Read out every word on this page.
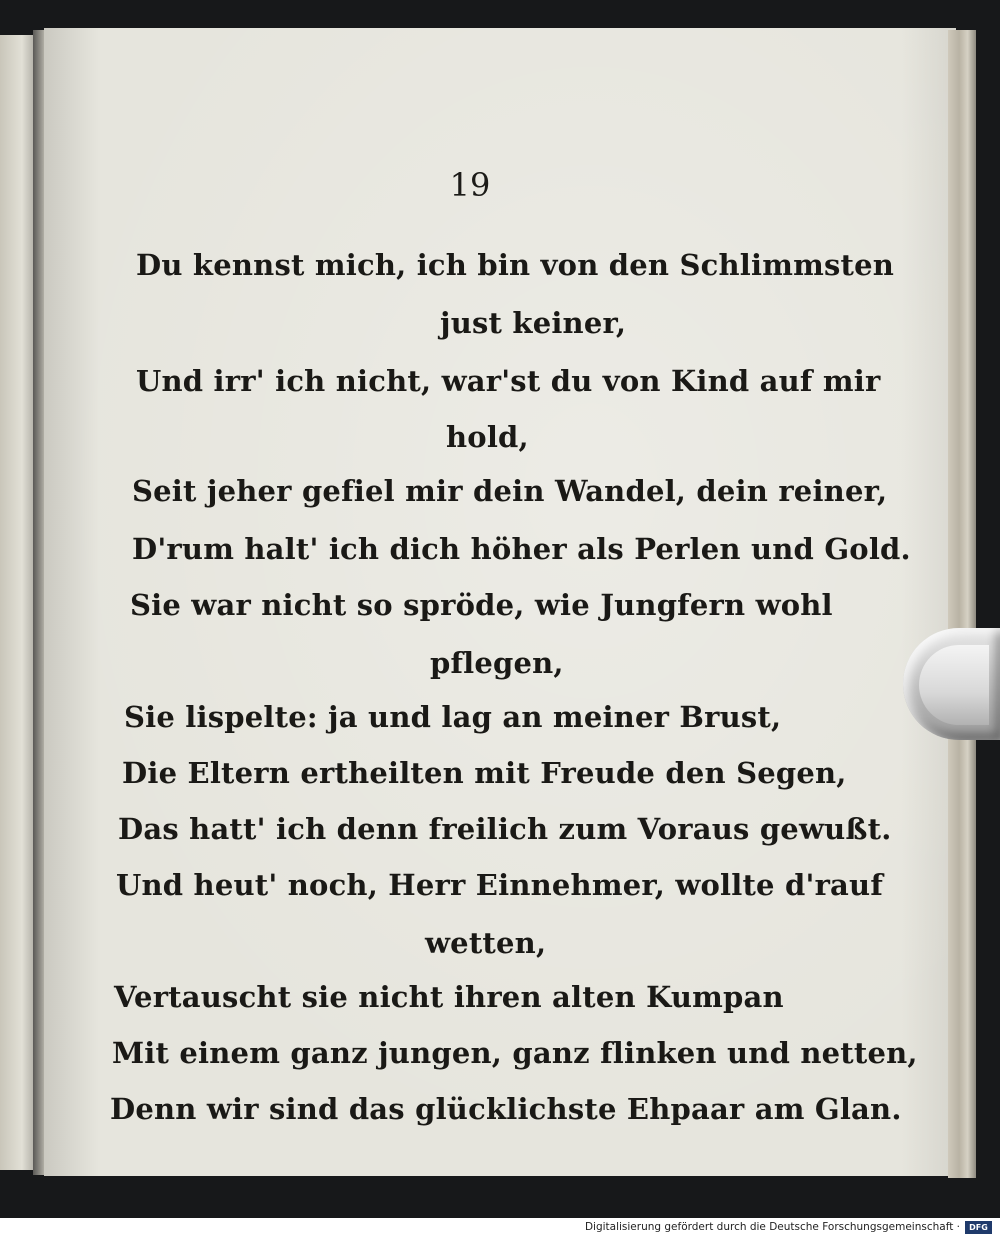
19
Du kennst mich, ich bin von den Schlimmsten
just keiner,
Und irr' ich nicht, war'st du von Kind auf mir
hold,
Seit jeher gefiel mir dein Wandel, dein reiner,
D'rum halt' ich dich höher als Perlen und Gold.
Sie war nicht so spröde, wie Jungfern wohl
pflegen,
Sie lispelte: ja und lag an meiner Brust,
Die Eltern ertheilten mit Freude den Segen,
Das hatt' ich denn freilich zum Voraus gewußt.
Und heut' noch, Herr Einnehmer, wollte d'rauf
wetten,
Vertauscht sie nicht ihren alten Kumpan
Mit einem ganz jungen, ganz flinken und netten,
Denn wir sind das glücklichste Ehpaar am Glan.
Digitalisierung gefördert durch die Deutsche Forschungsgemeinschaft ·	DFG
